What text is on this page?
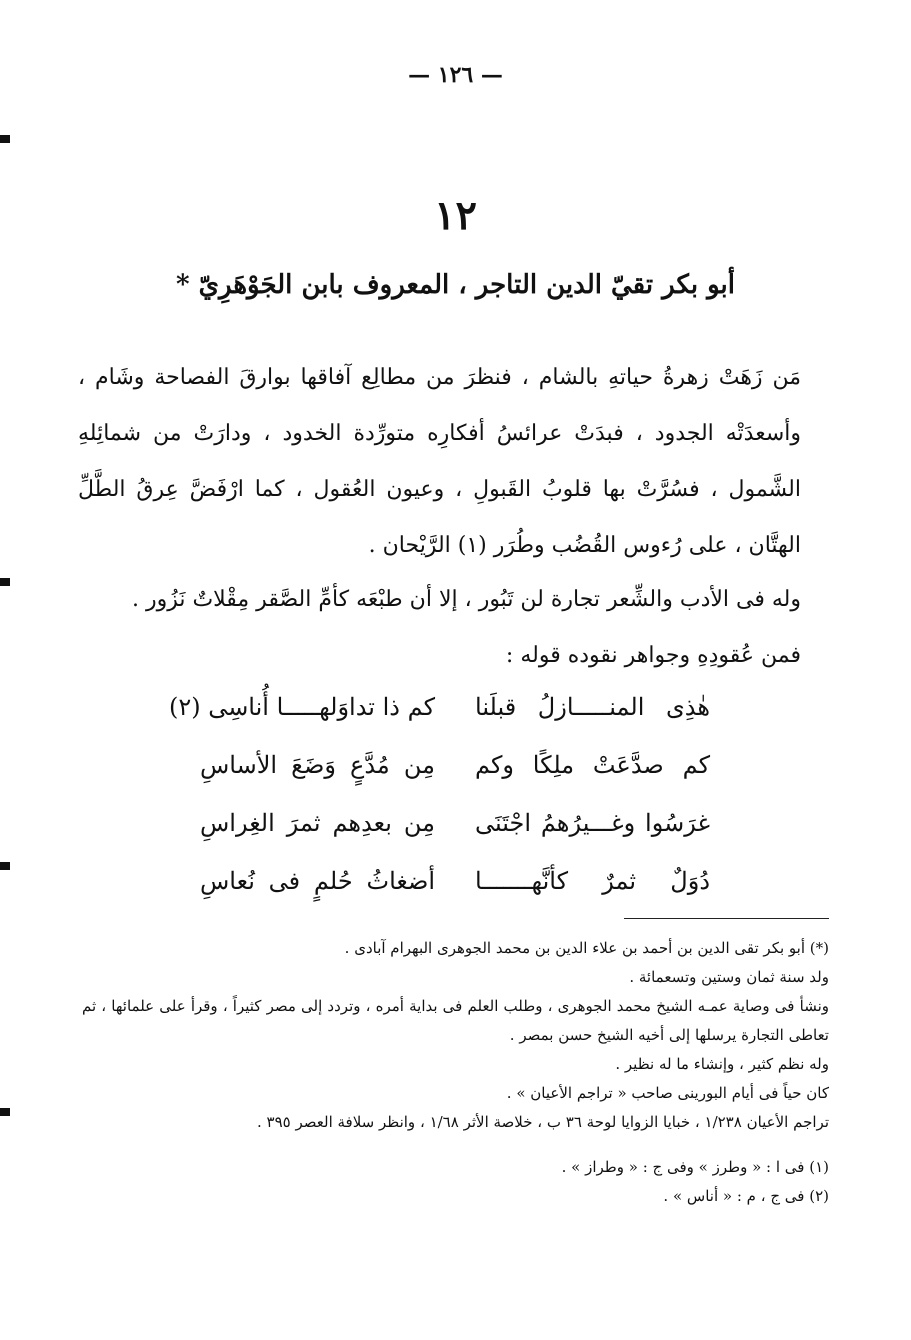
— ١٢٦ —
١٢
أبو بكر تقيّ الدين التاجر ، المعروف بابن الجَوْهَرِيّ *
مَن زَهَتْ زهرةُ حياتهِ بالشام ، فنظرَ من مطالِع آفاقها بوارقَ الفصاحة وشَام ، وأسعدَتْه الجدود ، فبدَتْ عرائسُ أفكارِه متورِّدة الخدود ، ودارَتْ من شمائِلهِ الشَّمول ، فسُرَّتْ بها قلوبُ القَبولِ ، وعيون العُقول ، كما ارْفَضَّ عِرقُ الطَّلِّ الهتَّان ، على رُءوس القُضُب وطُرَر (١) الرَّيْحان .
وله فى الأدب والشِّعر تجارة لن تَبُور ، إلا أن طبْعَه كأمِّ الصَّقر مِقْلاتٌ نَزُور .
فمن عُقودِهِ وجواهر نقوده قوله :
هٰذِى المنـــــازلُ قبلَنا
كم ذا تداوَلهـــــا أُناسِى (٢)
كم صدَّعَتْ ملِكًا وكم
مِن مُدَّعٍ وَضَعَ الأساسِ
غرَسُوا وغـــيرُهمُ اجْتَنَى
مِن بعدِهم ثمرَ الغِراسِ
دُوَلٌ ثمرٌ كأنَّهـــــــا
أضغاثُ حُلمٍ فى نُعاسِ

(*) أبو بكر تقى الدين بن أحمد بن علاء الدين بن محمد الجوهرى البهرام آبادى .

ولد سنة ثمان وستين وتسعمائة .

ونشأ فى وصاية عمـه الشيخ محمد الجوهرى ، وطلب العلم فى بداية أمره ، وتردد إلى مصر كثيراً ، وقرأ على علمائها ، ثم تعاطى التجارة يرسلها إلى أخيه الشيخ حسن بمصر .

وله نظم كثير ، وإنشاء ما له نظير .

كان حياً فى أيام البورينى صاحب « تراجم الأعيان » .

تراجم الأعيان ١/٢٣٨ ، خبايا الزوايا لوحة ٣٦ ب ، خلاصة الأثر ١/٦٨ ، وانظر سلافة العصر ٣٩٥ .

(١) فى ا : « وطرز » وفى ج : « وطراز » .

(٢) فى ج ، م : « أناس » .
